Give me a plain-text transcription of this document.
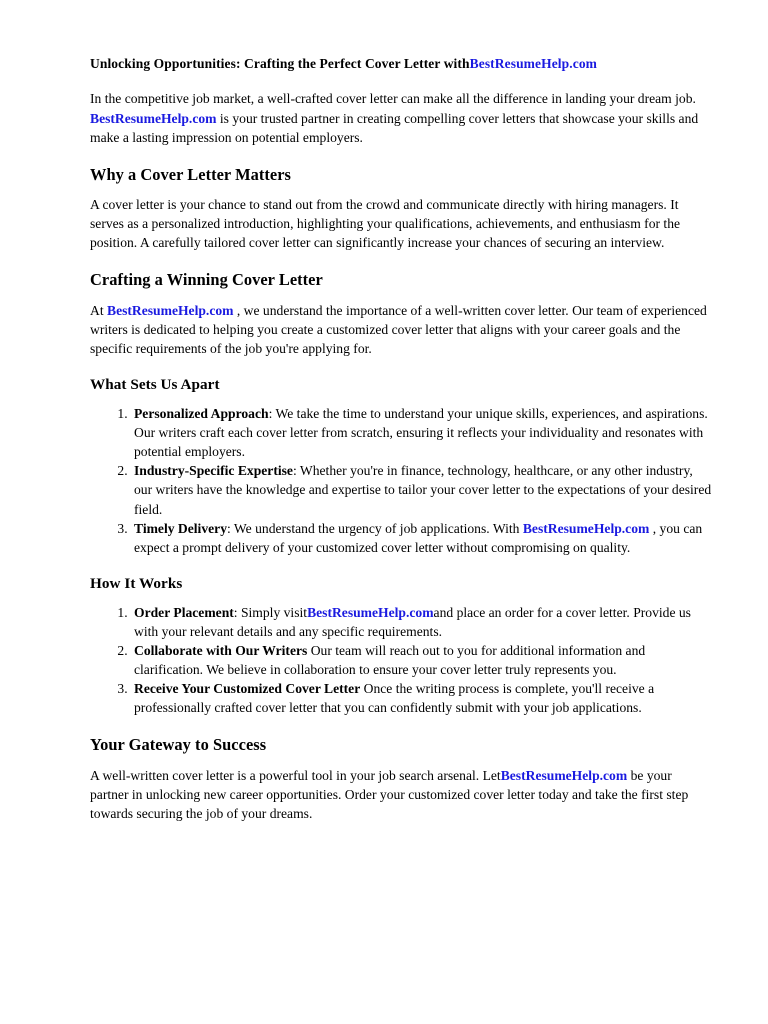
Unlocking Opportunities: Crafting the Perfect Cover Letter withBestResumeHelp.com

In the competitive job market, a well-crafted cover letter can make all the difference in landing your dream job. BestResumeHelp.com is your trusted partner in creating compelling cover letters that showcase your skills and make a lasting impression on potential employers.

Why a Cover Letter Matters

A cover letter is your chance to stand out from the crowd and communicate directly with hiring managers. It serves as a personalized introduction, highlighting your qualifications, achievements, and enthusiasm for the position. A carefully tailored cover letter can significantly increase your chances of securing an interview.

Crafting a Winning Cover Letter

At BestResumeHelp.com , we understand the importance of a well-written cover letter. Our team of experienced writers is dedicated to helping you create a customized cover letter that aligns with your career goals and the specific requirements of the job you're applying for.

What Sets Us Apart
1. Personalized Approach: We take the time to understand your unique skills, experiences, and aspirations. Our writers craft each cover letter from scratch, ensuring it reflects your individuality and resonates with potential employers.
2. Industry-Specific Expertise: Whether you're in finance, technology, healthcare, or any other industry, our writers have the knowledge and expertise to tailor your cover letter to the expectations of your desired field.
3. Timely Delivery: We understand the urgency of job applications. With BestResumeHelp.com , you can expect a prompt delivery of your customized cover letter without compromising on quality.
How It Works
1. Order Placement: Simply visitBestResumeHelp.comand place an order for a cover letter. Provide us with your relevant details and any specific requirements.
2. Collaborate with Our Writers Our team will reach out to you for additional information and clarification. We believe in collaboration to ensure your cover letter truly represents you.
3. Receive Your Customized Cover Letter Once the writing process is complete, you'll receive a professionally crafted cover letter that you can confidently submit with your job applications.
Your Gateway to Success

A well-written cover letter is a powerful tool in your job search arsenal. LetBestResumeHelp.com be your partner in unlocking new career opportunities. Order your customized cover letter today and take the first step towards securing the job of your dreams.
